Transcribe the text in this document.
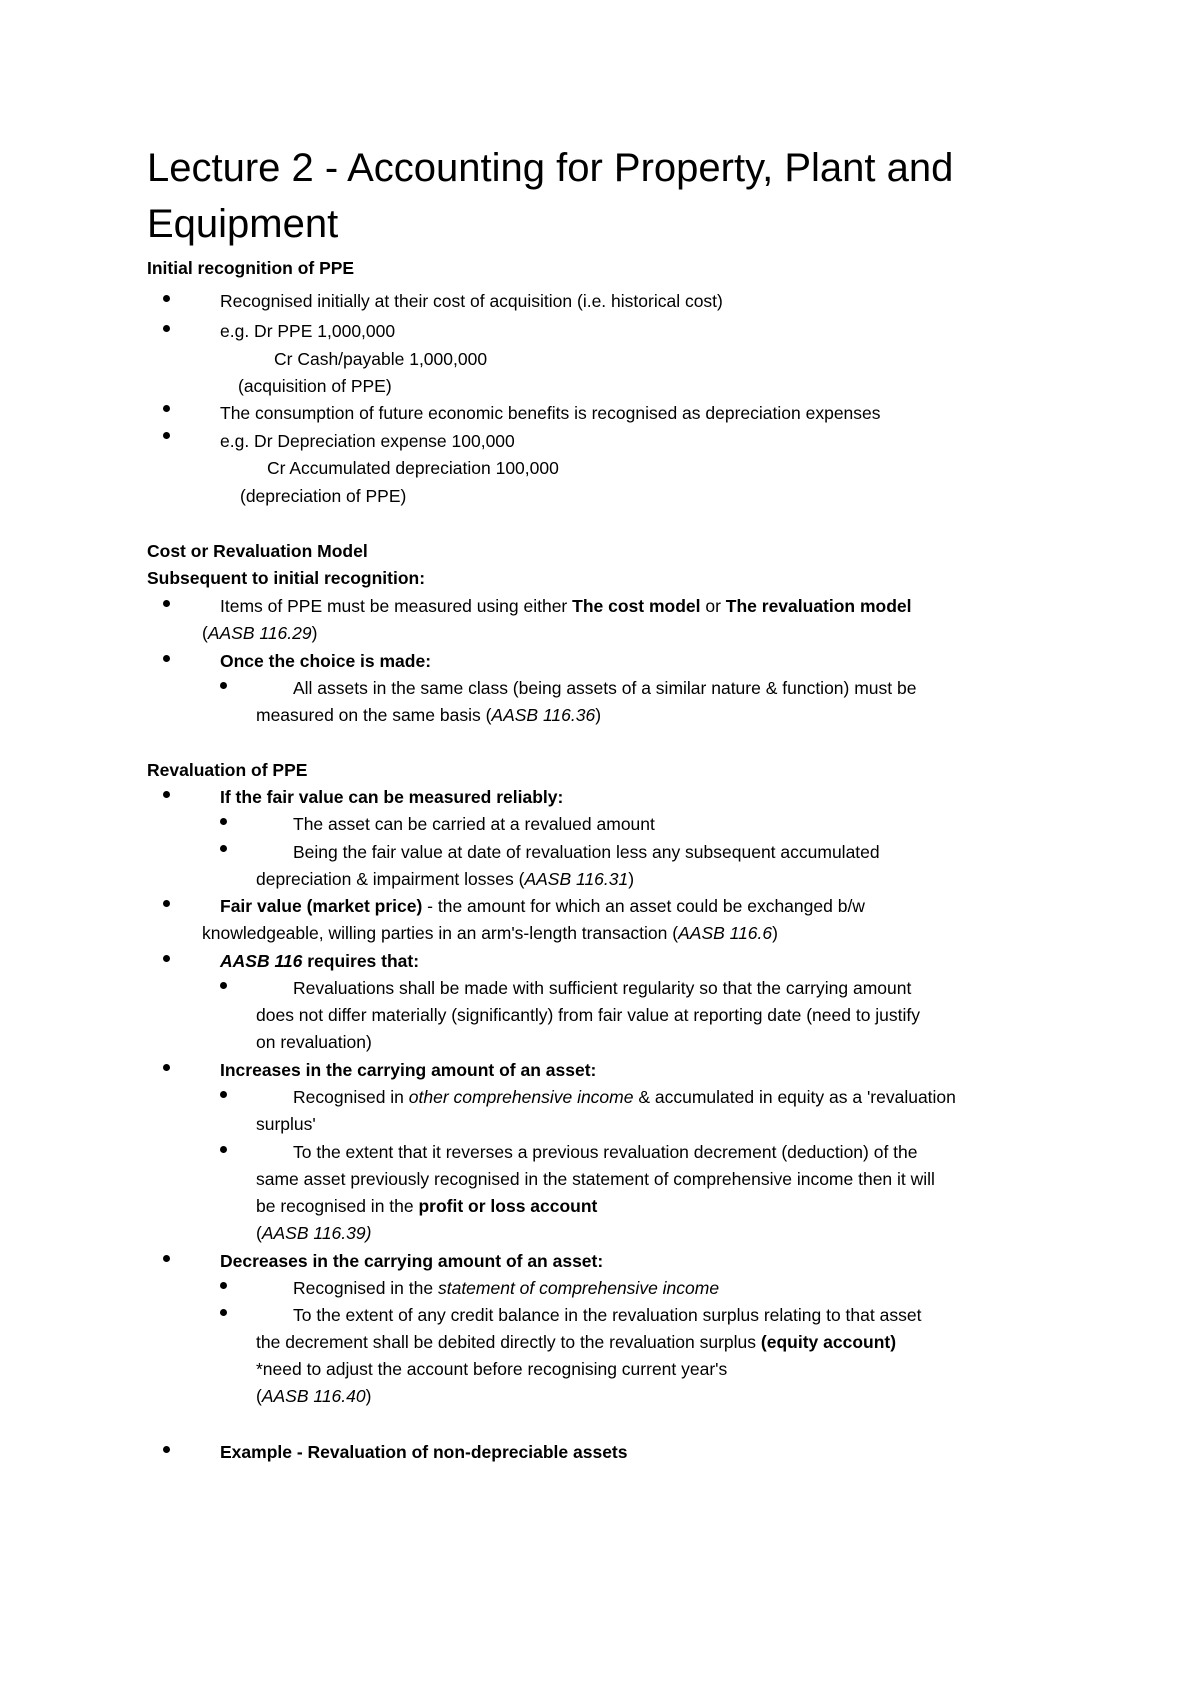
Lecture 2 - Accounting for Property, Plant and Equipment
Initial recognition of PPE
Recognised initially at their cost of acquisition (i.e. historical cost)
e.g. Dr PPE 1,000,000
Cr Cash/payable 1,000,000
(acquisition of PPE)
The consumption of future economic benefits is recognised as depreciation expenses
e.g. Dr Depreciation expense 100,000
Cr Accumulated depreciation 100,000
(depreciation of PPE)
Cost or Revaluation Model
Subsequent to initial recognition:
Items of PPE must be measured using either The cost model or The revaluation model
(AASB 116.29)
Once the choice is made:
All assets in the same class (being assets of a similar nature & function) must be
measured on the same basis (AASB 116.36)
Revaluation of PPE
If the fair value can be measured reliably:
The asset can be carried at a revalued amount
Being the fair value at date of revaluation less any subsequent accumulated
depreciation & impairment losses (AASB 116.31)
Fair value (market price) - the amount for which an asset could be exchanged b/w
knowledgeable, willing parties in an arm's-length transaction (AASB 116.6)
AASB 116 requires that:
Revaluations shall be made with sufficient regularity so that the carrying amount
does not differ materially (significantly) from fair value at reporting date (need to justify
on revaluation)
Increases in the carrying amount of an asset:
Recognised in other comprehensive income & accumulated in equity as a 'revaluation
surplus'
To the extent that it reverses a previous revaluation decrement (deduction) of the
same asset previously recognised in the statement of comprehensive income then it will
be recognised in the profit or loss account
(AASB 116.39)
Decreases in the carrying amount of an asset:
Recognised in the statement of comprehensive income
To the extent of any credit balance in the revaluation surplus relating to that asset
the decrement shall be debited directly to the revaluation surplus (equity account)
*need to adjust the account before recognising current year's
(AASB 116.40)
Example - Revaluation of non-depreciable assets
